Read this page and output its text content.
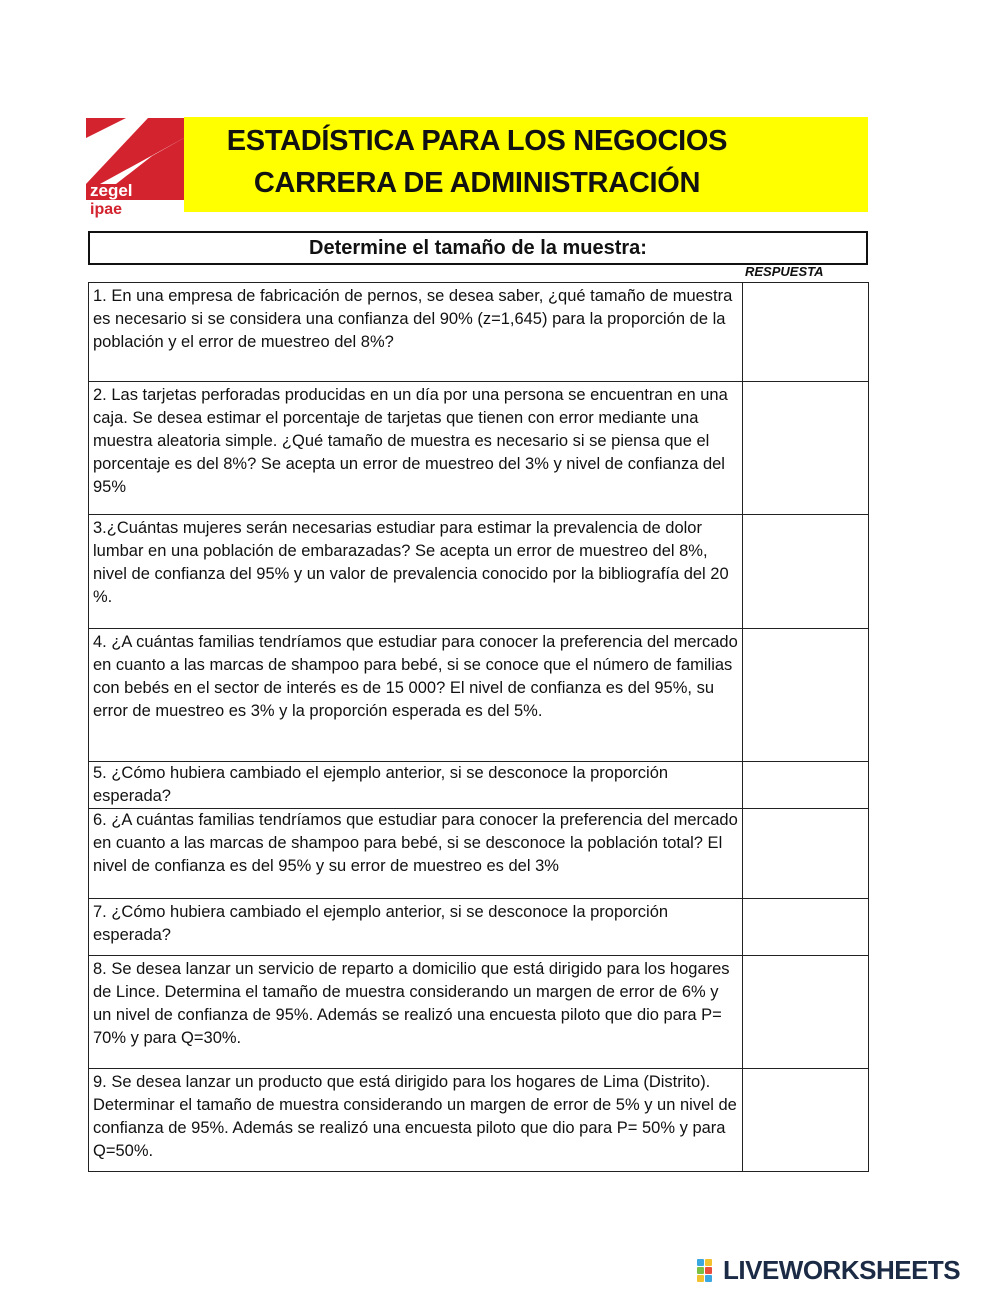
zegel
ipae
ESTADÍSTICA PARA LOS NEGOCIOS
CARRERA DE ADMINISTRACIÓN
Determine el tamaño de la muestra:
RESPUESTA
1. En una empresa de fabricación de pernos, se desea saber, ¿qué tamaño de muestra es necesario si se considera una confianza del 90% (z=1,645) para la proporción de la población y el error de muestreo del 8%?

2. Las tarjetas perforadas producidas en un día por una persona se encuentran en una caja. Se desea estimar el porcentaje de tarjetas que tienen con error mediante una muestra aleatoria simple. ¿Qué tamaño de muestra es necesario si se piensa que el porcentaje es del 8%? Se acepta un error de muestreo del 3% y nivel de confianza del 95%

3.¿Cuántas mujeres serán necesarias estudiar para estimar la prevalencia de dolor lumbar en una población de embarazadas? Se acepta un error de muestreo del 8%, nivel de confianza del 95% y un valor de prevalencia conocido por la bibliografía del 20 %.

4. ¿A cuántas familias tendríamos que estudiar para conocer la preferencia del mercado en cuanto a las marcas de shampoo para bebé, si se conoce que el número de familias con bebés en el sector de interés es de 15 000? El nivel de confianza es del 95%, su error de muestreo es 3% y la proporción esperada es del 5%.

5. ¿Cómo hubiera cambiado el ejemplo anterior, si se desconoce la proporción esperada?

6. ¿A cuántas familias tendríamos que estudiar para conocer la preferencia del mercado en cuanto a las marcas de shampoo para bebé, si se desconoce la población total? El nivel de confianza es del 95% y su error de muestreo es del 3%

7. ¿Cómo hubiera cambiado el ejemplo anterior, si se desconoce la proporción esperada?

8. Se desea lanzar un servicio de reparto a domicilio que está dirigido para los hogares de Lince. Determina el tamaño de muestra considerando un margen de error de 6% y un nivel de confianza de 95%. Además se realizó una encuesta piloto que dio para P= 70% y para Q=30%.

9. Se desea lanzar un producto que está dirigido para los hogares de Lima (Distrito). Determinar el tamaño de muestra considerando un margen de error de 5% y un nivel de confianza de 95%. Además se realizó una encuesta piloto que dio para P= 50% y para Q=50%.

LIVEWORKSHEETS
